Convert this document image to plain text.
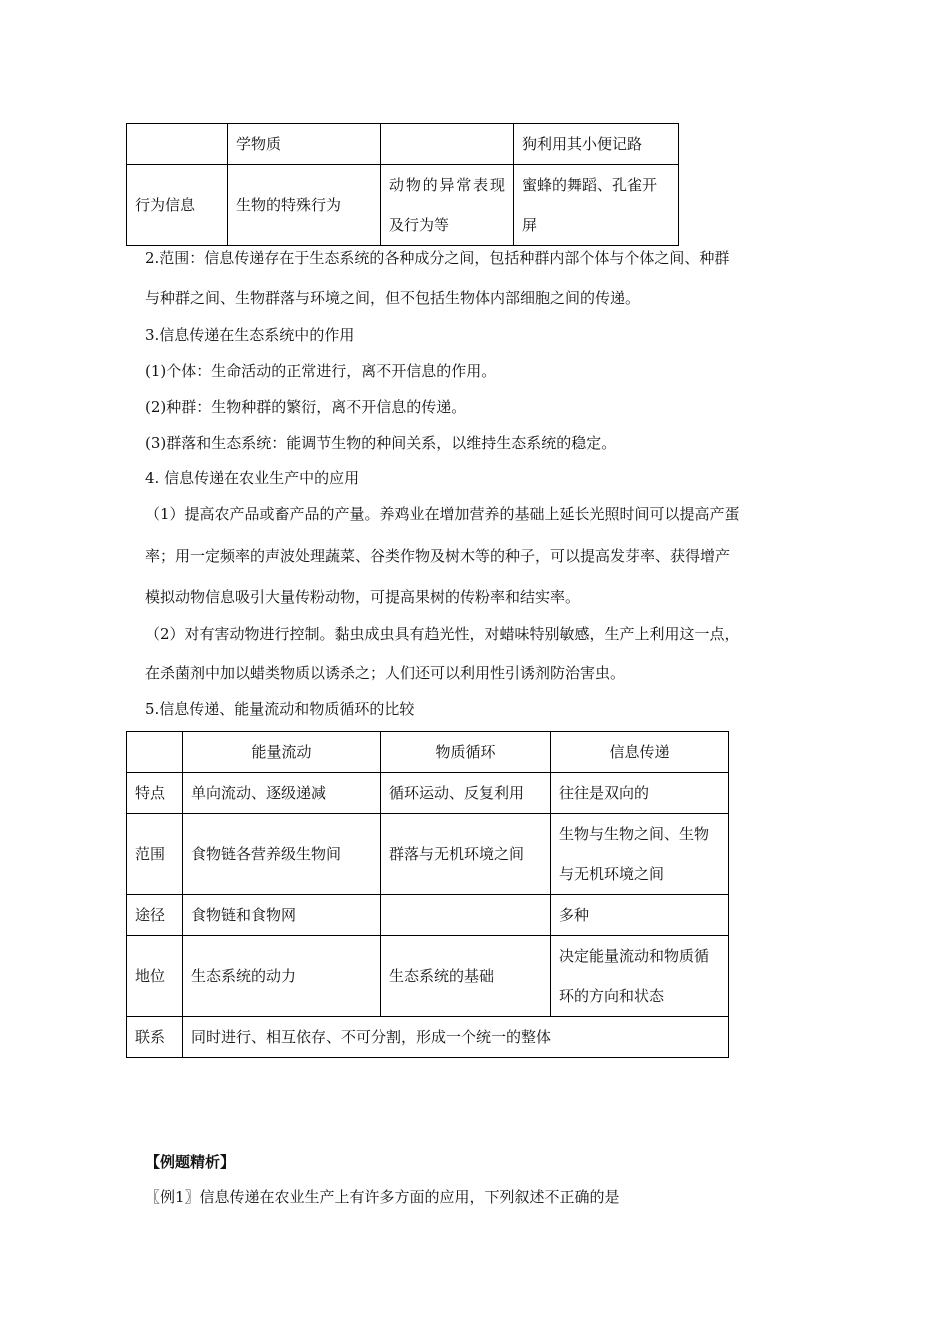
	学物质		狗利用其小便记路
行为信息	生物的特殊行为	动物的异常表现及行为等	蜜蜂的舞蹈、孔雀开屏
2.范围：信息传递存在于生态系统的各种成分之间，包括种群内部个体与个体之间、种群
与种群之间、生物群落与环境之间，但不包括生物体内部细胞之间的传递。
3.信息传递在生态系统中的作用
(1)个体：生命活动的正常进行，离不开信息的作用。
(2)种群：生物种群的繁衍，离不开信息的传递。
(3)群落和生态系统：能调节生物的种间关系，以维持生态系统的稳定。
4. 信息传递在农业生产中的应用
（1）提高农产品或畜产品的产量。养鸡业在增加营养的基础上延长光照时间可以提高产蛋
率；用一定频率的声波处理蔬菜、谷类作物及树木等的种子，可以提高发芽率、获得增产
模拟动物信息吸引大量传粉动物，可提高果树的传粉率和结实率。
（2）对有害动物进行控制。黏虫成虫具有趋光性，对蜡味特别敏感，生产上利用这一点，
在杀菌剂中加以蜡类物质以诱杀之；人们还可以利用性引诱剂防治害虫。
5.信息传递、能量流动和物质循环的比较
	能量流动	物质循环	信息传递
特点	单向流动、逐级递减	循环运动、反复利用	往往是双向的
范围	食物链各营养级生物间	群落与无机环境之间	生物与生物之间、生物与无机环境之间
途径	食物链和食物网		多种
地位	生态系统的动力	生态系统的基础	决定能量流动和物质循环的方向和状态
联系	同时进行、相互依存、不可分割，形成一个统一的整体		
【例题精析】
〖例1〗信息传递在农业生产上有许多方面的应用，下列叙述不正确的是
